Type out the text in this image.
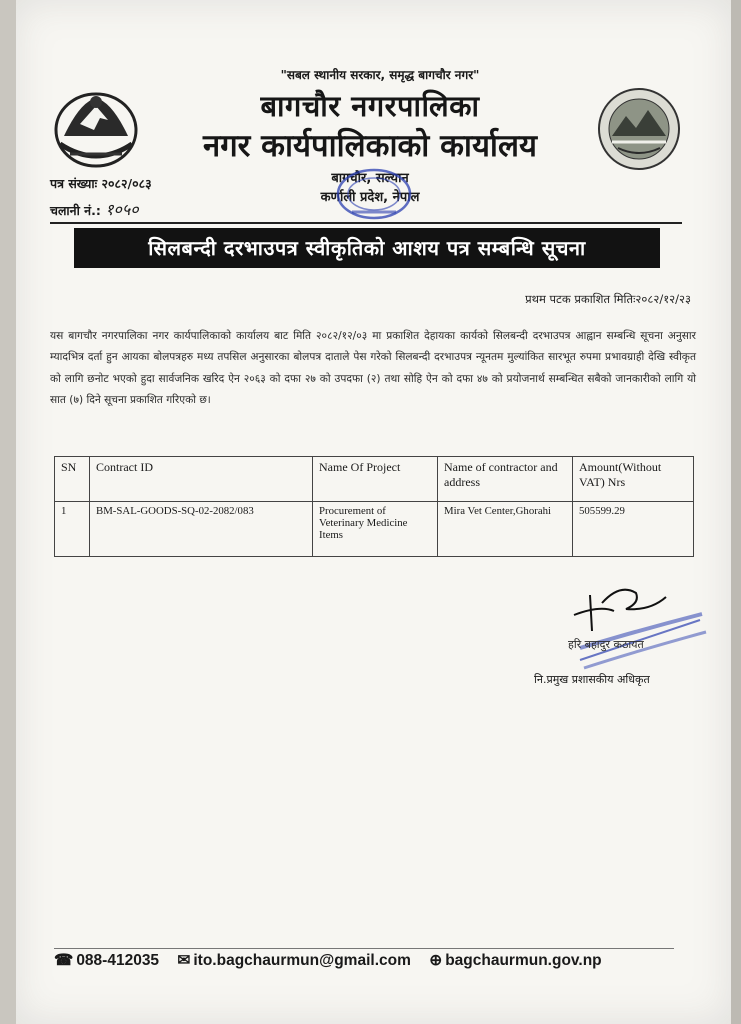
"सबल स्थानीय सरकार, समृद्ध बागचौर नगर"
बागचौर नगरपालिका
नगर कार्यपालिकाको कार्यालय
बागचौर, सल्यान
कर्णाली प्रदेश, नेपाल
पत्र संख्याः २०८२/०८३
चलानी नं.: १०५०
सिलबन्दी दरभाउपत्र स्वीकृतिको आशय पत्र सम्बन्धि सूचना
प्रथम पटक प्रकाशित मितिः२०८२/१२/२३
यस बागचौर नगरपालिका नगर कार्यपालिकाको कार्यालय बाट मिति २०८२/१२/०३ मा प्रकाशित देहायका कार्यको सिलबन्दी दरभाउपत्र आह्वान सम्बन्धि सूचना अनुसार म्यादभित्र दर्ता हुन आयका बोलपत्रहरु मध्य तपसिल अनुसारका बोलपत्र दाताले पेस गरेको सिलबन्दी दरभाउपत्र न्यूनतम मुल्यांकित सारभूत रुपमा प्रभावग्राही देखि स्वीकृत को लागि छनोट भएको हुदा सार्वजनिक खरिद ऐन २०६३ को दफा २७ को उपदफा (२) तथा सोहि ऐन को दफा ४७ को प्रयोजनार्थ सम्बन्धित सबैको जानकारीको लागि यो सात (७) दिने सूचना प्रकाशित गरिएको छ।
SN	Contract ID	Name Of Project	Name of contractor and address	Amount(Without VAT) Nrs
1	BM-SAL-GOODS-SQ-02-2082/083	Procurement of Veterinary Medicine Items	Mira Vet Center,Ghorahi	505599.29
हरि बहादुर कठायत
नि.प्रमुख प्रशासकीय अधिकृत
☎ 088-412035 ✉ ito.bagchaurmun@gmail.com ⊕ bagchaurmun.gov.np
